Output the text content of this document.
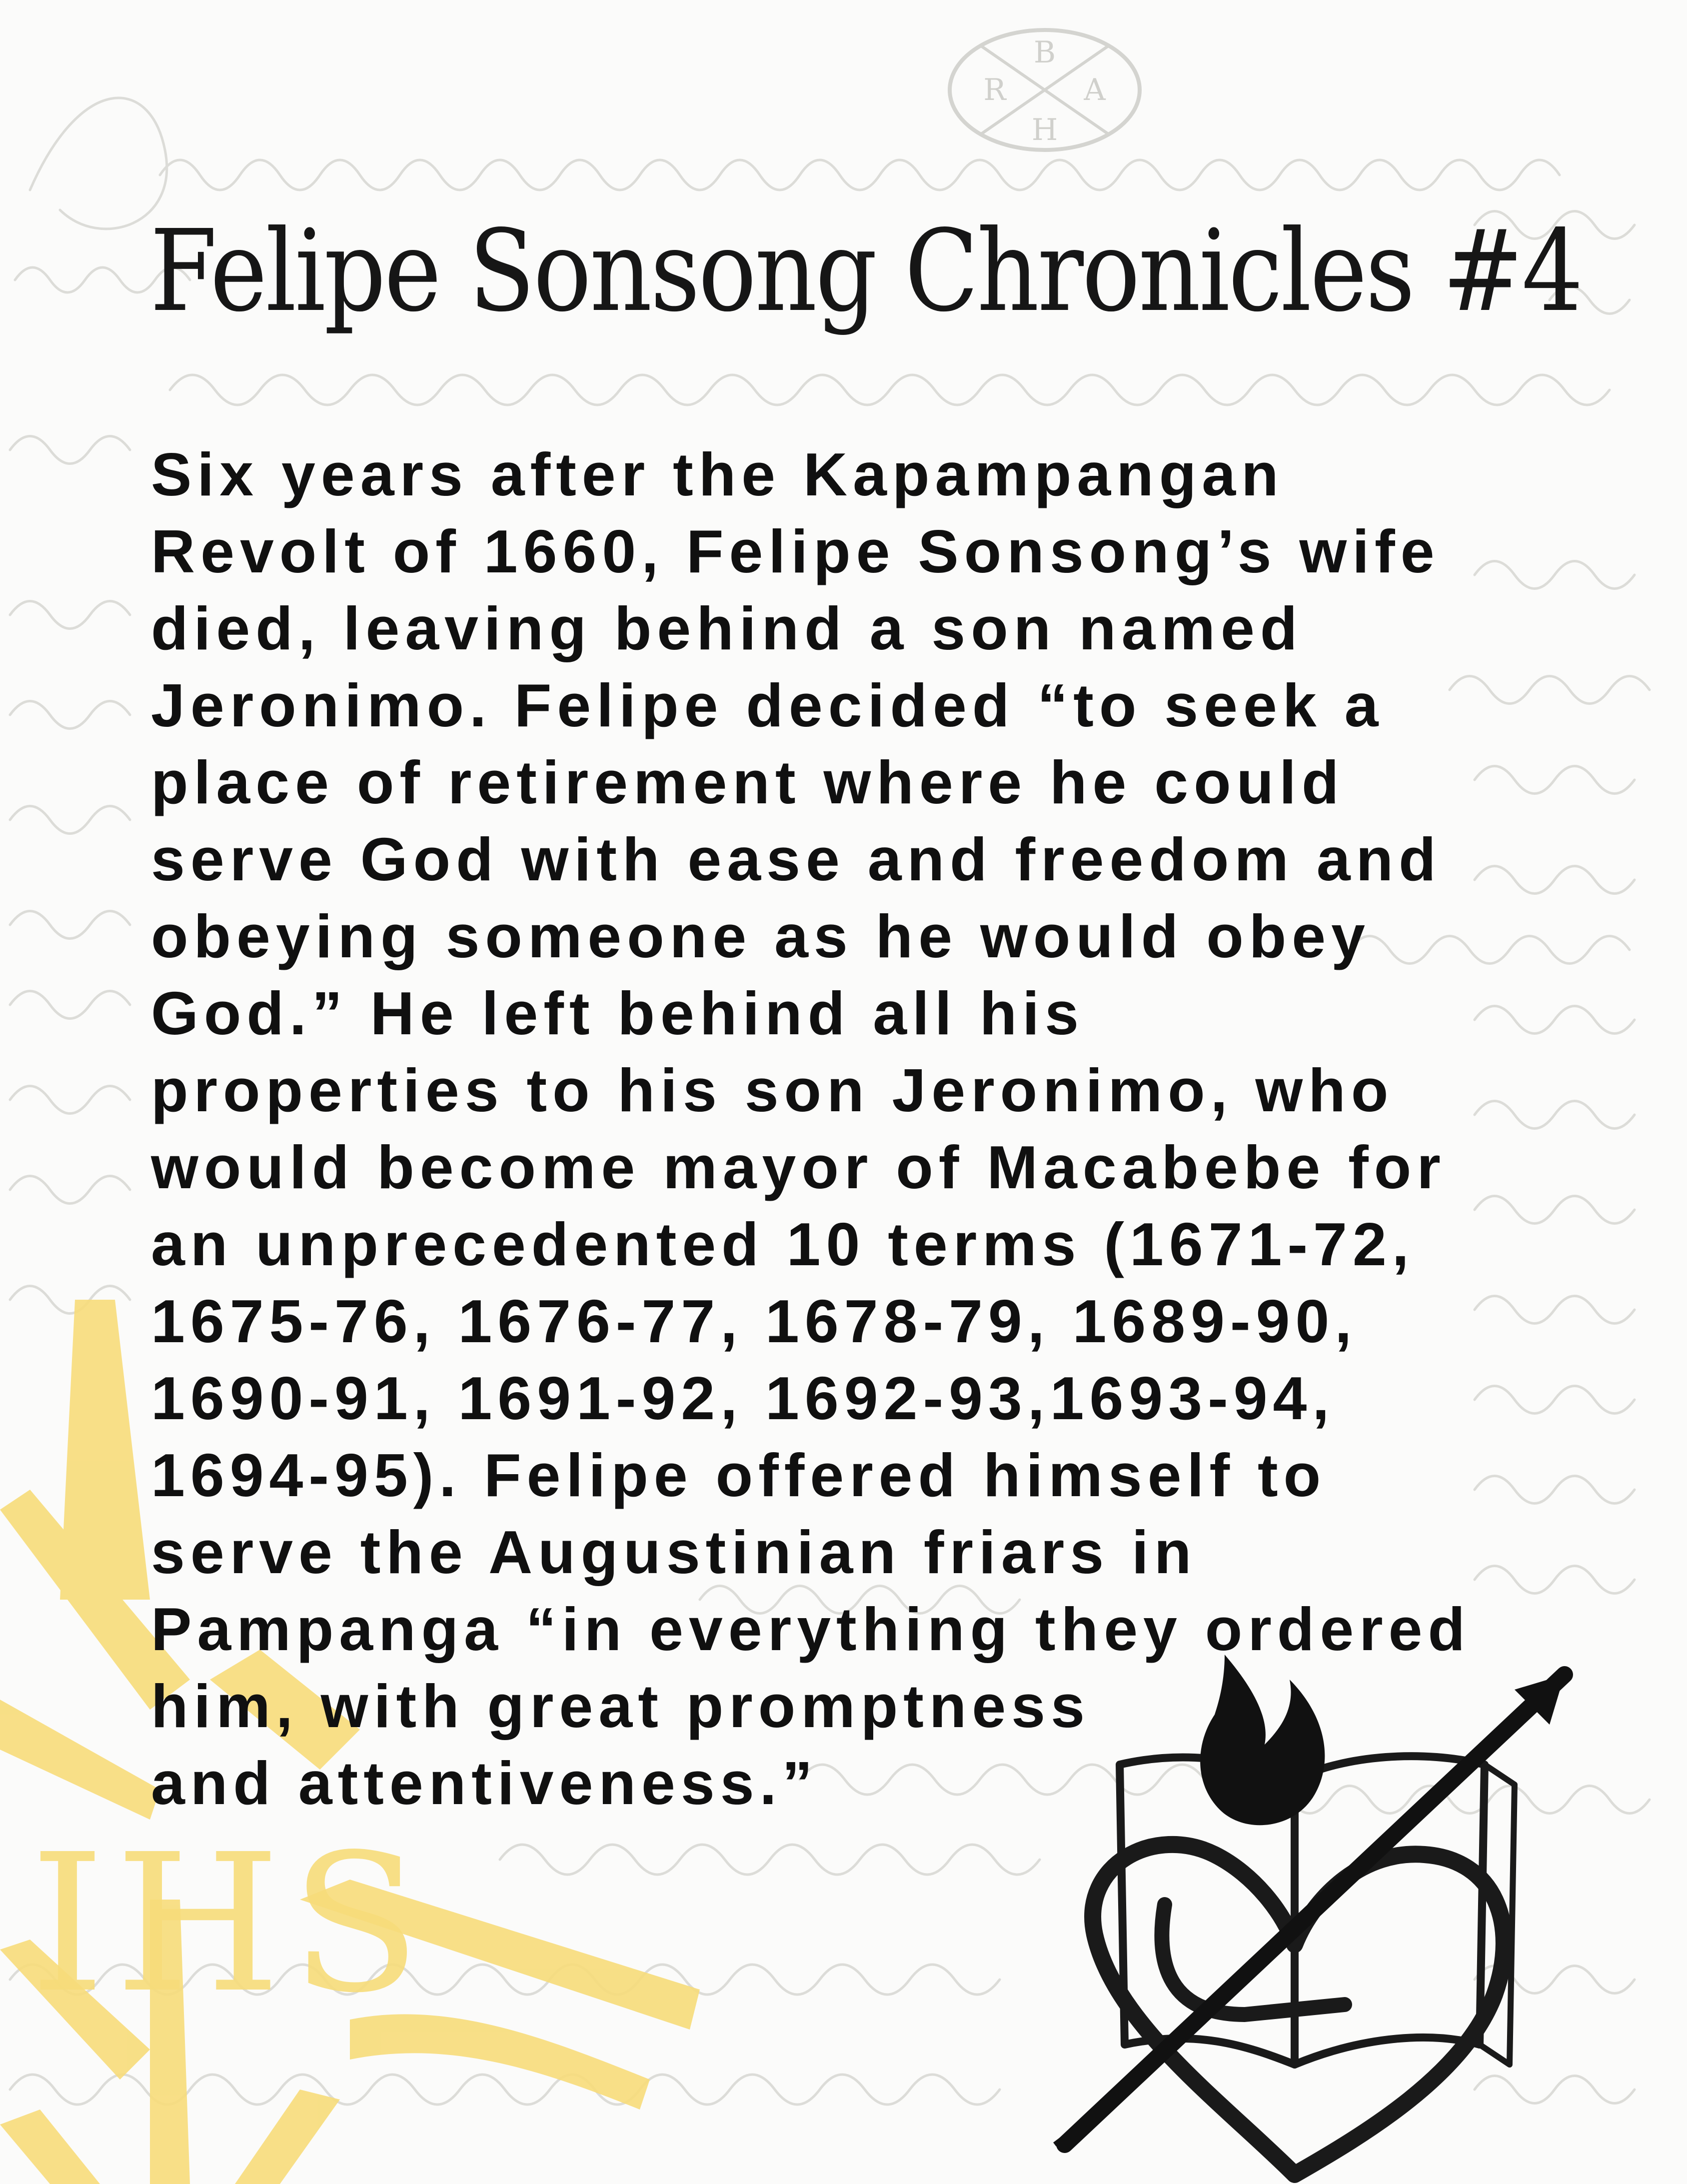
B
R	A
H
IHS
Felipe Sonsong Chronicles #4
Six years after the Kapampangan
Revolt of 1660, Felipe Sonsong’s wife
died, leaving behind a son named
Jeronimo. Felipe decided “to seek a
place of retirement where he could
serve God with ease and freedom and
obeying someone as he would obey
God.” He left behind all his
properties to his son Jeronimo, who
would become mayor of Macabebe for
an unprecedented 10 terms (1671-72,
1675-76, 1676-77, 1678-79, 1689-90,
1690-91, 1691-92, 1692-93,1693-94,
1694-95). Felipe offered himself to
serve the Augustinian friars in
Pampanga “in everything they ordered
him, with great promptness
and attentiveness.”
